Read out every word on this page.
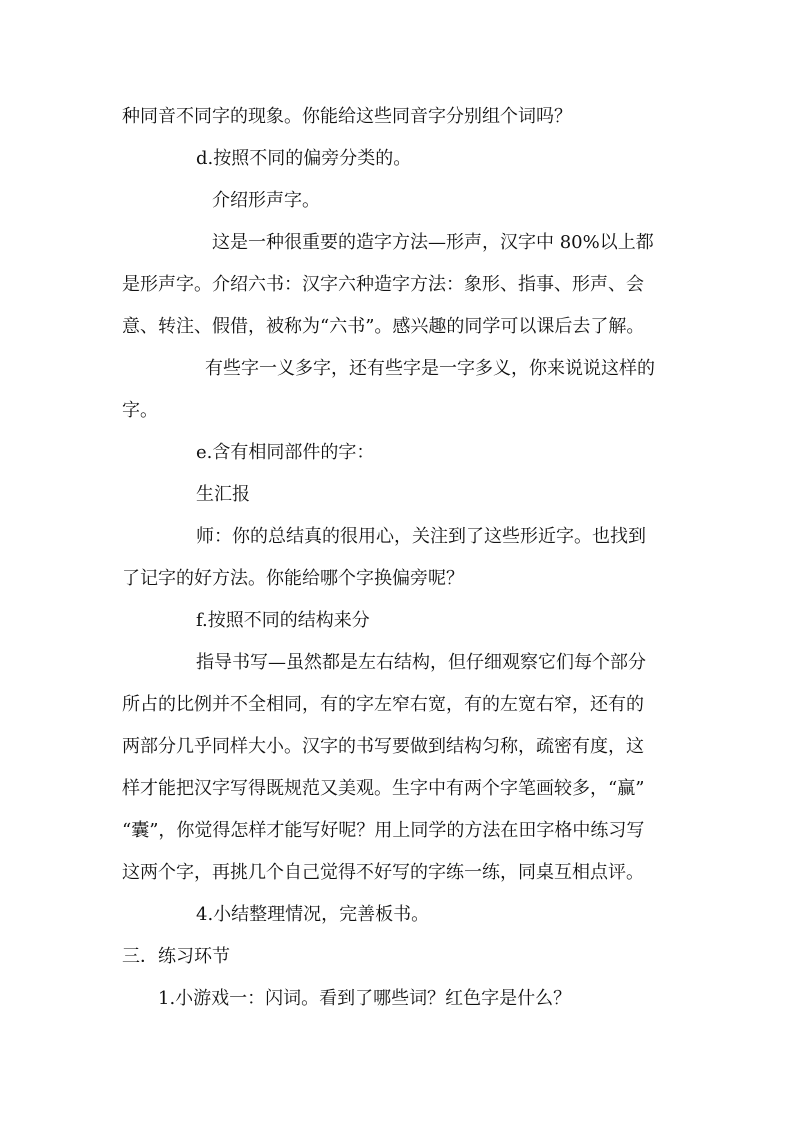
种同音不同字的现象。你能给这些同音字分别组个词吗？
d.按照不同的偏旁分类的。
介绍形声字。
这是一种很重要的造字方法—形声，汉字中 80%以上都
是形声字。介绍六书：汉字六种造字方法：象形、指事、形声、会
意、转注、假借，被称为“六书”。感兴趣的同学可以课后去了解。
有些字一义多字，还有些字是一字多义，你来说说这样的
字。
e.含有相同部件的字：
生汇报
师：你的总结真的很用心，关注到了这些形近字。也找到
了记字的好方法。你能给哪个字换偏旁呢？
f.按照不同的结构来分
指导书写—虽然都是左右结构，但仔细观察它们每个部分
所占的比例并不全相同，有的字左窄右宽，有的左宽右窄，还有的
两部分几乎同样大小。汉字的书写要做到结构匀称，疏密有度，这
样才能把汉字写得既规范又美观。生字中有两个字笔画较多，“赢”
“囊”，你觉得怎样才能写好呢？用上同学的方法在田字格中练习写
这两个字，再挑几个自己觉得不好写的字练一练，同桌互相点评。
4.小结整理情况，完善板书。
三．练习环节
1.小游戏一：闪词。看到了哪些词？红色字是什么？
